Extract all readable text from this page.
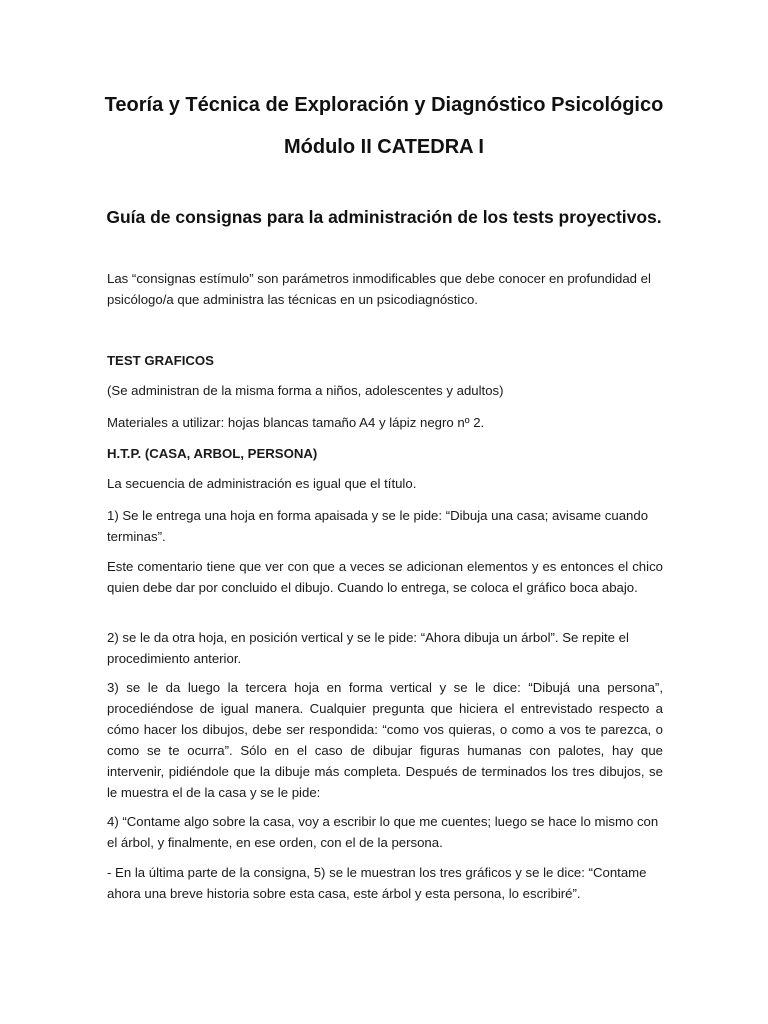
Teoría y Técnica de Exploración y Diagnóstico Psicológico
Módulo II CATEDRA I
Guía de consignas para la administración de los tests proyectivos.

Las “consignas estímulo” son parámetros inmodificables que debe conocer en profundidad el psicólogo/a que administra las técnicas en un psicodiagnóstico.

TEST GRAFICOS

(Se administran de la misma forma a niños, adolescentes y adultos)

Materiales a utilizar: hojas blancas tamaño A4 y lápiz negro nº 2.

H.T.P. (CASA, ARBOL, PERSONA)

La secuencia de administración es igual que el título.

1) Se le entrega una hoja en forma apaisada y se le pide: “Dibuja una casa; avisame cuando terminas”.

Este comentario tiene que ver con que a veces se adicionan elementos y es entonces el chico quien debe dar por concluido el dibujo. Cuando lo entrega, se coloca el gráfico boca abajo.

2) se le da otra hoja, en posición vertical y se le pide: “Ahora dibuja un árbol”. Se repite el procedimiento anterior.

3) se le da luego la tercera hoja en forma vertical y se le dice: “Dibujá una persona”, procediéndose de igual manera. Cualquier pregunta que hiciera el entrevistado respecto a cómo hacer los dibujos, debe ser respondida: “como vos quieras, o como a vos te parezca, o como se te ocurra”. Sólo en el caso de dibujar figuras humanas con palotes, hay que intervenir, pidiéndole que la dibuje más completa. Después de terminados los tres dibujos, se le muestra el de la casa y se le pide:

4) “Contame algo sobre la casa, voy a escribir lo que me cuentes; luego se hace lo mismo con el árbol, y finalmente, en ese orden, con el de la persona.

- En la última parte de la consigna, 5) se le muestran los tres gráficos y se le dice: “Contame ahora una breve historia sobre esta casa, este árbol y esta persona, lo escribiré”.
